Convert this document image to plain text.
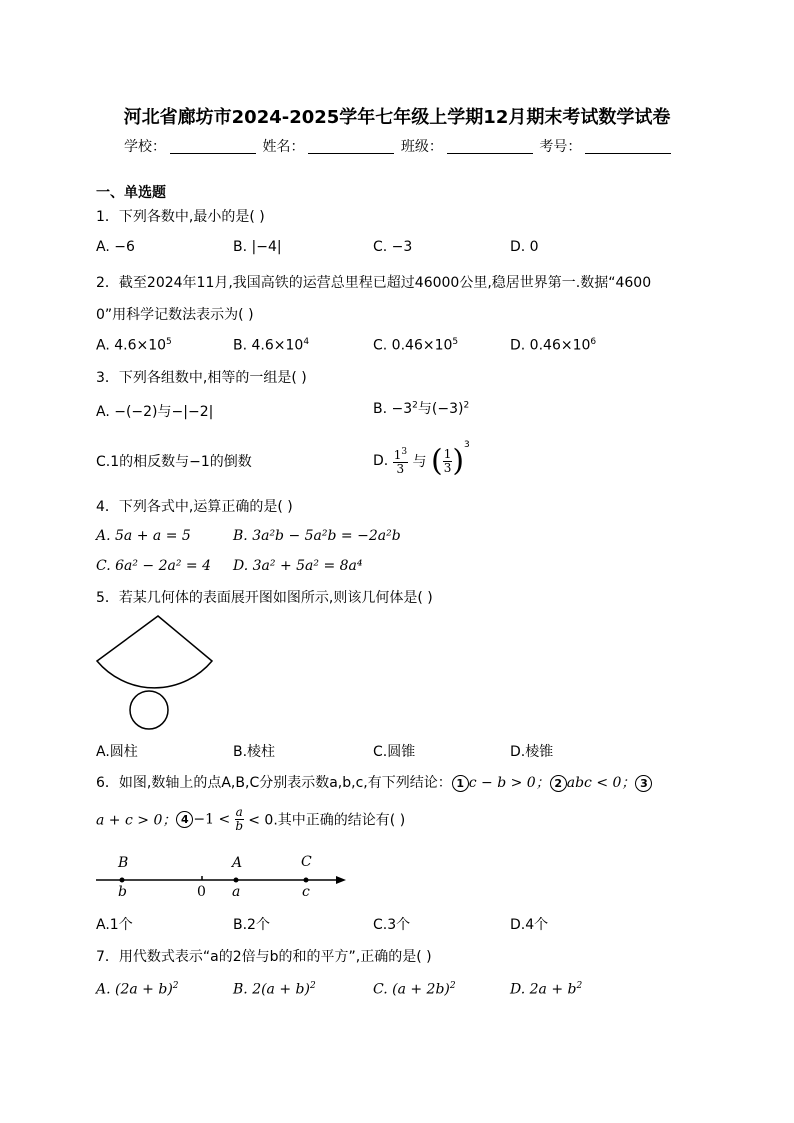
河北省廊坊市2024-2025学年七年级上学期12月期末考试数学试卷
学校：	姓名：	班级：	考号：
一、单选题
1．下列各数中,最小的是( )
A. −6	B. |−4|	C. −3	D. 0
2．截至2024年11月,我国高铁的运营总里程已超过46000公里,稳居世界第一.数据“4600
0”用科学记数法表示为( )
A. $4.6\times 10^5$	B. $4.6\times 10^4$	C. $0.46\times 10^5$	D. $0.46\times 10^6$
3．下列各组数中,相等的一组是( )
A. −(−2)与−|−2|	B. $-3^2$与$(-3)^2$
C.1的相反数与−1的倒数	D. $\frac{1^3}{3}$ 与 ( $\frac{1}{3} )^3$
4．下列各式中,运算正确的是( )
A. 5a + a = 5	B. 3a²b − 5a²b = −2a²b
C. 6a² − 2a² = 4 D. 3a² + 5a² = 8a⁴
5．若某几何体的表面展开图如图所示,则该几何体是( )
A.圆柱	B.棱柱	C.圆锥	D.棱锥
6．如图,数轴上的点A,B,C分别表示数a,b,c,有下列结论： 1 c − b > 0； 2 abc < 0； 3
a + c > 0； $4 -1 < \frac{a}{b} < 0$.其中正确的结论有( )
B
b	0
A
a
C
c
A.1个	B.2个	C.3个	D.4个
7．用代数式表示“a的2倍与b的和的平方”,正确的是( )
A. $(2a + b)^2$	B. $2(a + b)^2$	C. $(a + 2b)^2$	D. $2a + b^2$
